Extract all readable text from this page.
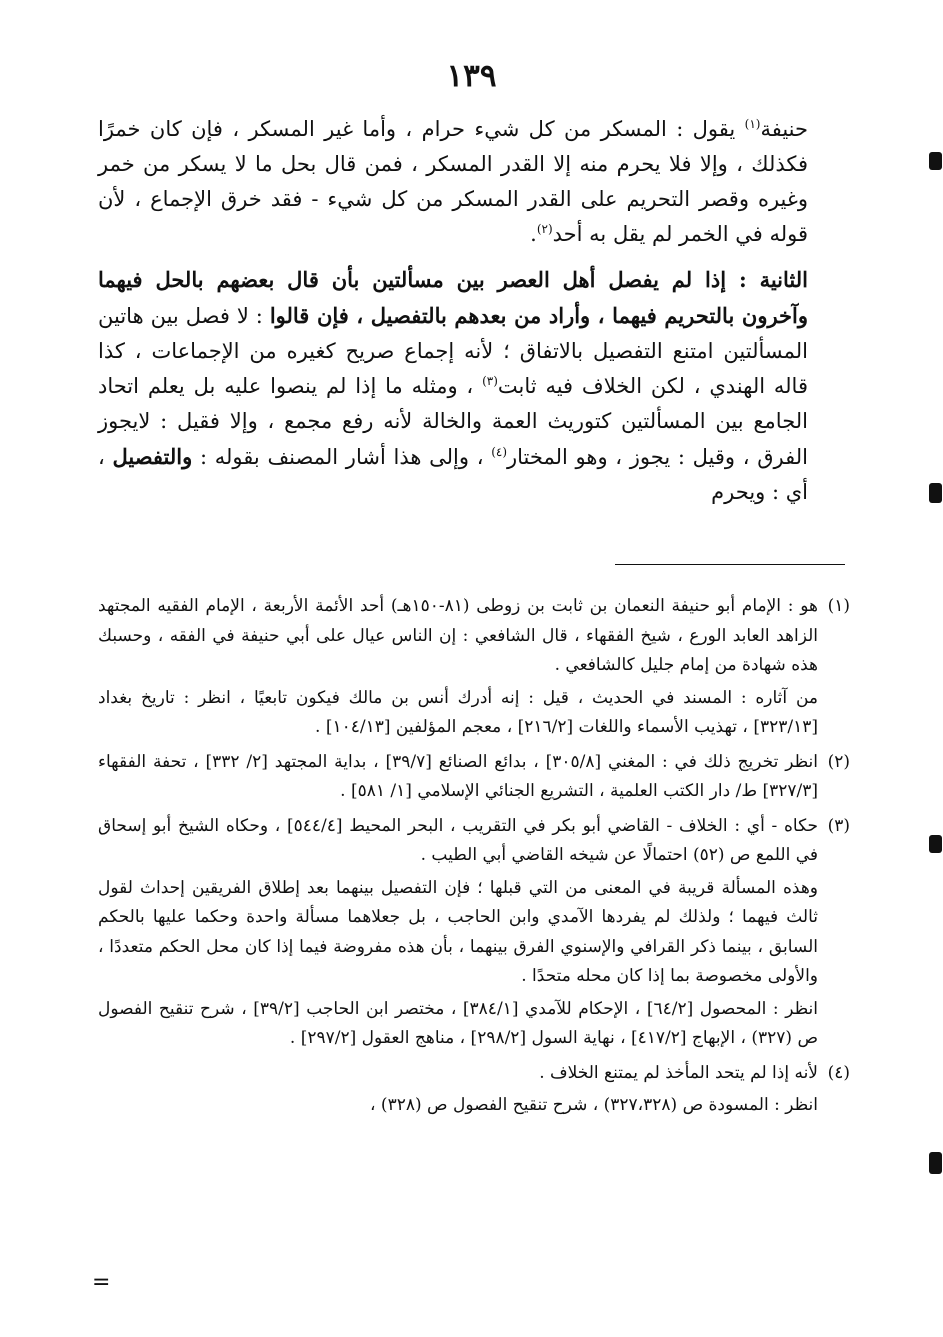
١٣٩

حنيفة$^{(١)}$ يقول : المسكر من كل شيء حرام ، وأما غير المسكر ، فإن كان خمرًا فكذلك ، وإلا فلا يحرم منه إلا القدر المسكر ، فمن قال بحل ما لا يسكر من خمر وغيره وقصر التحريم على القدر المسكر من كل شيء - فقد خرق الإجماع ، لأن قوله في الخمر لم يقل به أحد$^{(٢)}$.

الثانية : إذا لم يفصل أهل العصر بين مسألتين بأن قال بعضهم بالحل فيهما وآخرون بالتحريم فيهما ، وأراد من بعدهم بالتفصيل ، فإن قالوا : لا فصل بين هاتين المسألتين امتنع التفصيل بالاتفاق ؛ لأنه إجماع صريح كغيره من الإجماعات ، كذا قاله الهندي ، لكن الخلاف فيه ثابت$^{(٣)}$ ، ومثله ما إذا لم ينصوا عليه بل يعلم اتحاد الجامع بين المسألتين كتوريث العمة والخالة لأنه رفع مجمع ، وإلا فقيل : لايجوز الفرق ، وقيل : يجوز ، وهو المختار$^{(٤)}$ ، وإلى هذا أشار المصنف بقوله : والتفصيل ، أي : ويحرم

(١)

هو : الإمام أبو حنيفة النعمان بن ثابت بن زوطى (٨١-١٥٠هـ) أحد الأئمة الأربعة ، الإمام الفقيه المجتهد الزاهد العابد الورع ، شيخ الفقهاء ، قال الشافعي : إن الناس عيال على أبي حنيفة في الفقه ، وحسبك هذه شهادة من إمام جليل كالشافعي .

من آثاره : المسند في الحديث ، قيل : إنه أدرك أنس بن مالك فيكون تابعيًا ، انظر : تاريخ بغداد [٣٢٣/١٣] ، تهذيب الأسماء واللغات [٢١٦/٢] ، معجم المؤلفين [١٠٤/١٣] .

(٢)

انظر تخريج ذلك في : المغني [٣٠٥/٨] ، بدائع الصنائع [٣٩/٧] ، بداية المجتهد [٢/ ٣٣٢] ، تحفة الفقهاء [٣٢٧/٣] ط/ دار الكتب العلمية ، التشريع الجنائي الإسلامي [١/ ٥٨١] .

(٣)

حكاه - أي : الخلاف - القاضي أبو بكر في التقريب ، البحر المحيط [٥٤٤/٤] ، وحكاه الشيخ أبو إسحاق في اللمع ص (٥٢) احتمالًا عن شيخه القاضي أبي الطيب .

وهذه المسألة قريبة في المعنى من التي قبلها ؛ فإن التفصيل بينهما بعد إطلاق الفريقين إحداث لقول ثالث فيهما ؛ ولذلك لم يفردها الآمدي وابن الحاجب ، بل جعلاهما مسألة واحدة وحكما عليها بالحكم السابق ، بينما ذكر القرافي والإسنوي الفرق بينهما ، بأن هذه مفروضة فيما إذا كان محل الحكم متعددًا ، والأولى مخصوصة بما إذا كان محله متحدًا .

انظر : المحصول [٦٤/٢] ، الإحكام للآمدي [٣٨٤/١] ، مختصر ابن الحاجب [٣٩/٢] ، شرح تنقيح الفصول ص (٣٢٧) ، الإبهاج [٤١٧/٢] ، نهاية السول [٢٩٨/٢] ، مناهج العقول [٢٩٧/٢] .

(٤)

لأنه إذا لم يتحد المأخذ لم يمتنع الخلاف .

انظر : المسودة ص (٣٢٧،٣٢٨) ، شرح تنقيح الفصول ص (٣٢٨) ،

=
